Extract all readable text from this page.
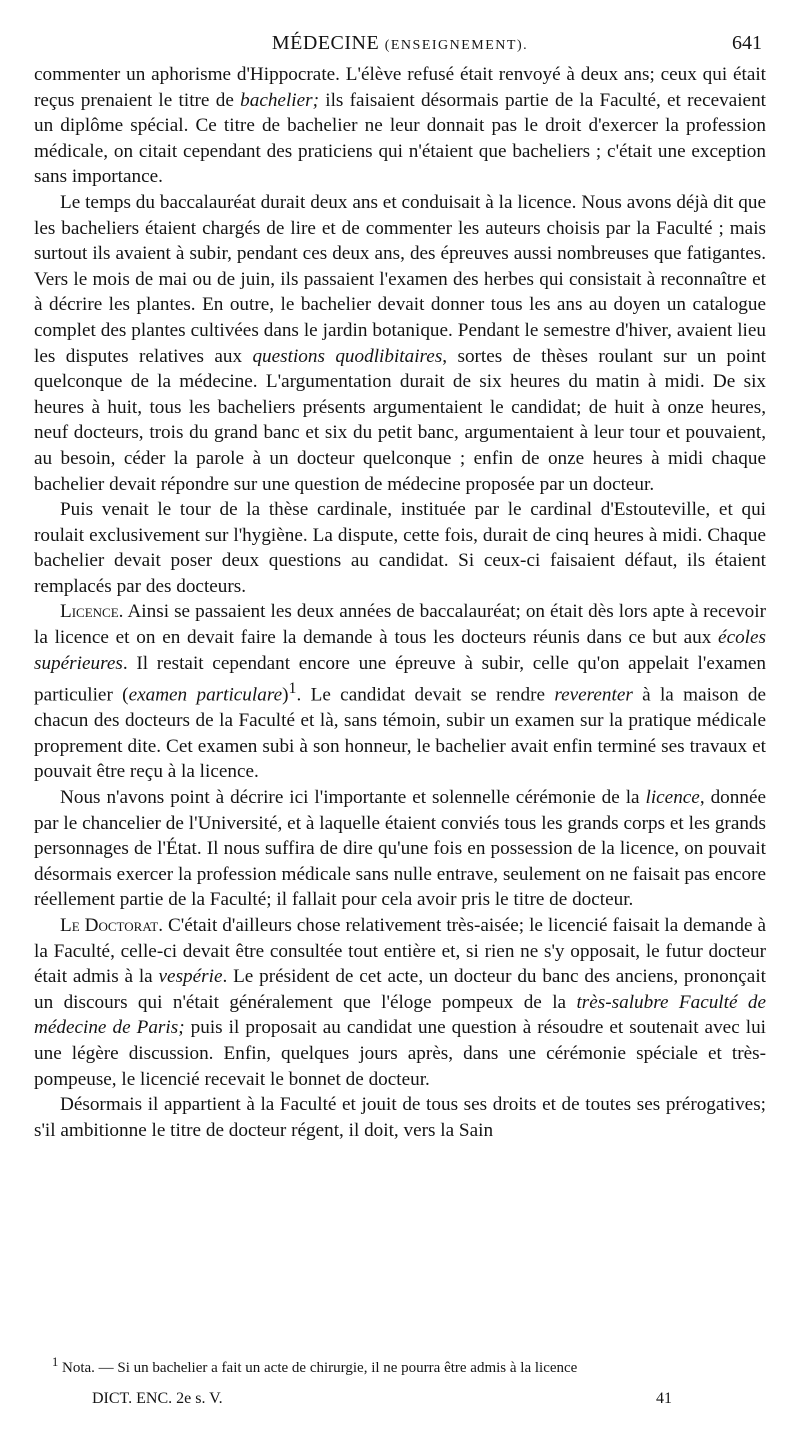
MÉDECINE (ENSEIGNEMENT).	641

commenter un aphorisme d'Hippocrate. L'élève refusé était renvoyé à deux ans; ceux qui était reçus prenaient le titre de bachelier; ils faisaient désormais partie de la Faculté, et recevaient un diplôme spécial. Ce titre de bachelier ne leur donnait pas le droit d'exercer la profession médicale, on citait cependant des praticiens qui n'étaient que bacheliers ; c'était une exception sans importance.

Le temps du baccalauréat durait deux ans et conduisait à la licence. Nous avons déjà dit que les bacheliers étaient chargés de lire et de commenter les auteurs choisis par la Faculté ; mais surtout ils avaient à subir, pendant ces deux ans, des épreuves aussi nombreuses que fatigantes. Vers le mois de mai ou de juin, ils passaient l'examen des herbes qui consistait à reconnaître et à décrire les plantes. En outre, le bachelier devait donner tous les ans au doyen un catalogue complet des plantes cultivées dans le jardin botanique. Pendant le semestre d'hiver, avaient lieu les disputes relatives aux questions quodlibitaires, sortes de thèses roulant sur un point quelconque de la médecine. L'argumentation durait de six heures du matin à midi. De six heures à huit, tous les bacheliers présents argumentaient le candidat; de huit à onze heures, neuf docteurs, trois du grand banc et six du petit banc, argumentaient à leur tour et pouvaient, au besoin, céder la parole à un docteur quelconque ; enfin de onze heures à midi chaque bachelier devait répondre sur une question de médecine proposée par un docteur.

Puis venait le tour de la thèse cardinale, instituée par le cardinal d'Estouteville, et qui roulait exclusivement sur l'hygiène. La dispute, cette fois, durait de cinq heures à midi. Chaque bachelier devait poser deux questions au candidat. Si ceux-ci faisaient défaut, ils étaient remplacés par des docteurs.

Licence. Ainsi se passaient les deux années de baccalauréat; on était dès lors apte à recevoir la licence et on en devait faire la demande à tous les docteurs réunis dans ce but aux écoles supérieures. Il restait cependant encore une épreuve à subir, celle qu'on appelait l'examen particulier (examen particulare)$^1$. Le candidat devait se rendre reverenter à la maison de chacun des docteurs de la Faculté et là, sans témoin, subir un examen sur la pratique médicale proprement dite. Cet examen subi à son honneur, le bachelier avait enfin terminé ses travaux et pouvait être reçu à la licence.

Nous n'avons point à décrire ici l'importante et solennelle cérémonie de la licence, donnée par le chancelier de l'Université, et à laquelle étaient conviés tous les grands corps et les grands personnages de l'État. Il nous suffira de dire qu'une fois en possession de la licence, on pouvait désormais exercer la profession médicale sans nulle entrave, seulement on ne faisait pas encore réellement partie de la Faculté; il fallait pour cela avoir pris le titre de docteur.

Le Doctorat. C'était d'ailleurs chose relativement très-aisée; le licencié faisait la demande à la Faculté, celle-ci devait être consultée tout entière et, si rien ne s'y opposait, le futur docteur était admis à la vespérie. Le président de cet acte, un docteur du banc des anciens, prononçait un discours qui n'était généralement que l'éloge pompeux de la très-salubre Faculté de médecine de Paris; puis il proposait au candidat une question à résoudre et soutenait avec lui une légère discussion. Enfin, quelques jours après, dans une cérémonie spéciale et très-pompeuse, le licencié recevait le bonnet de docteur.

Désormais il appartient à la Faculté et jouit de tous ses droits et de toutes ses prérogatives; s'il ambitionne le titre de docteur régent, il doit, vers la Sain

$^1$ Nota. — Si un bachelier a fait un acte de chirurgie, il ne pourra être admis à la licence
DICT. ENC. 2e s. V.	41
